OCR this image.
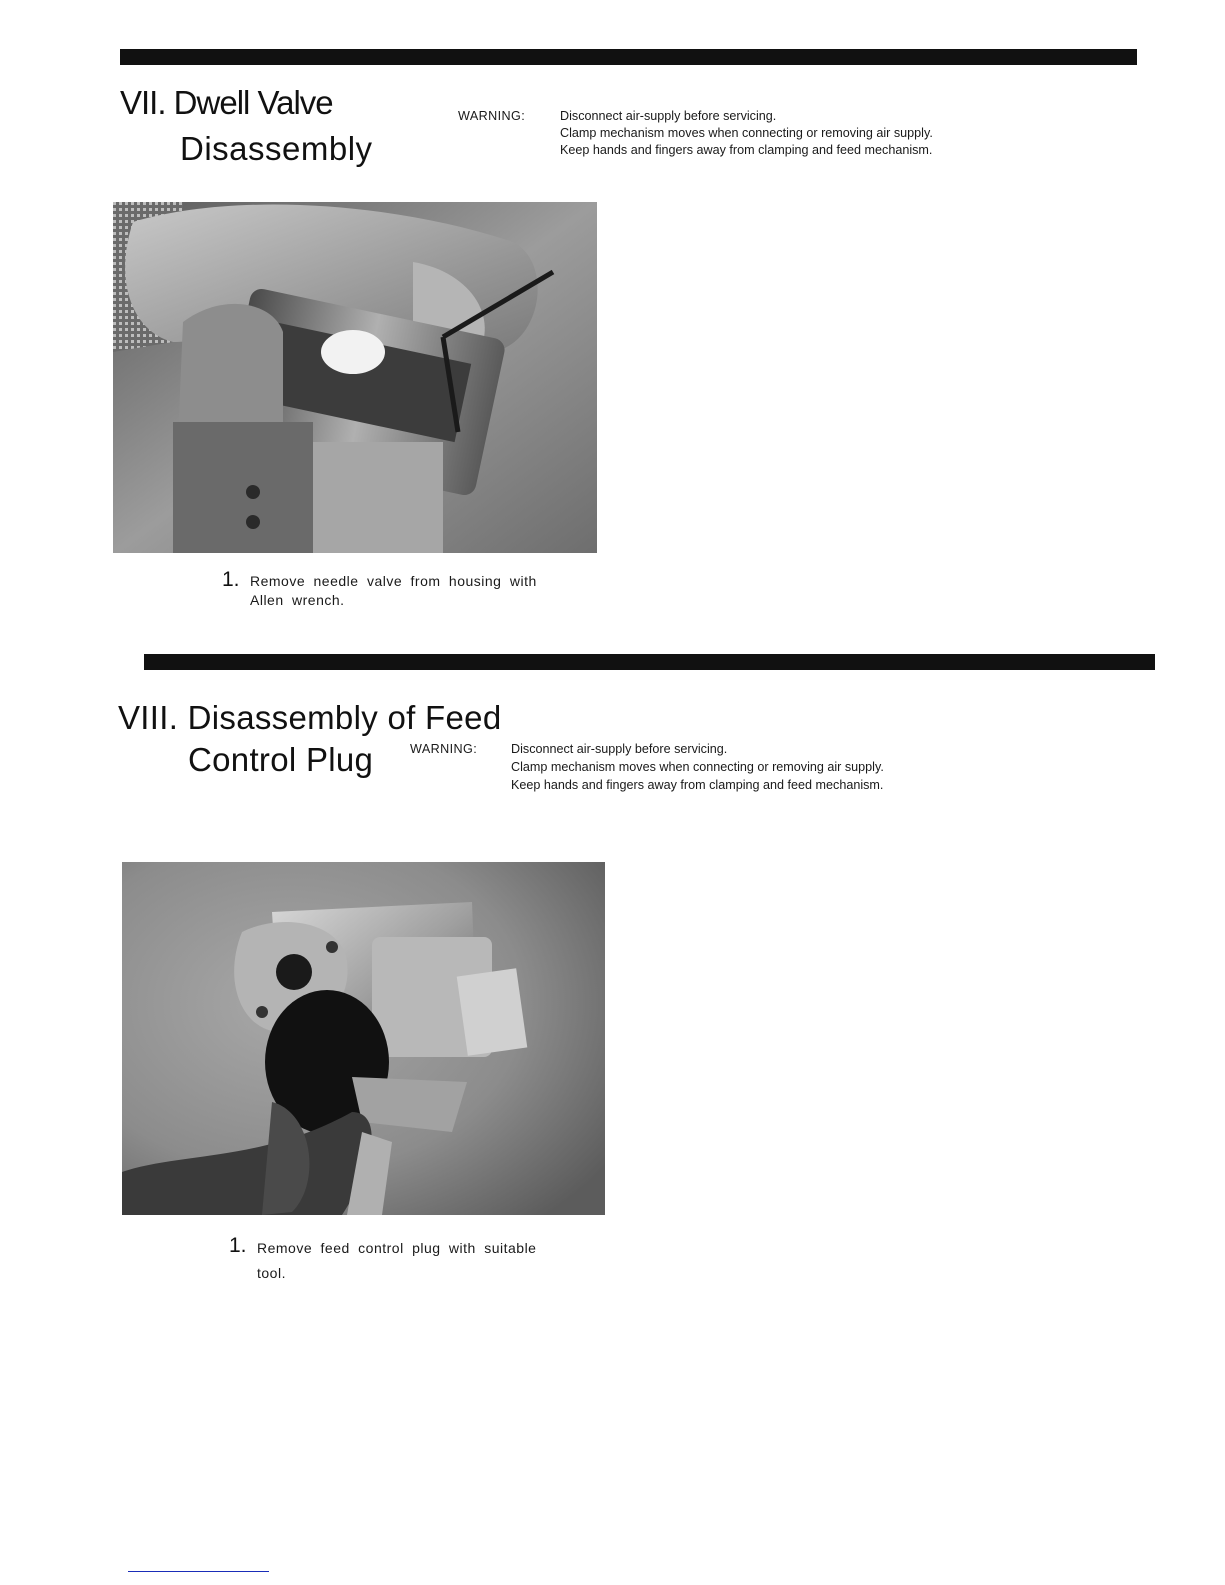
VII. Dwell Valve
Disassembly
WARNING:	Disconnect air-supply before servicing.
Clamp mechanism moves when connecting or removing air supply.
Keep hands and fingers away from clamping and feed mechanism.
1. Remove needle valve from housing with
Allen wrench.
VIII. Disassembly of Feed
Control Plug	WARNING:	Disconnect air-supply before servicing.
Clamp mechanism moves when connecting or removing air supply.
Keep hands and fingers away from clamping and feed mechanism.
1. Remove feed control plug with suitable
tool.
